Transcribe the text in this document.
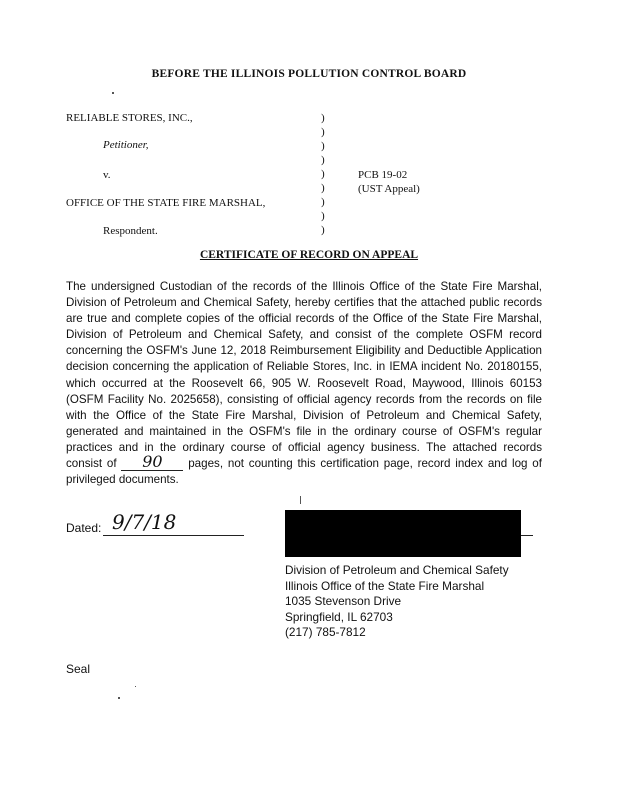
BEFORE THE ILLINOIS POLLUTION CONTROL BOARD
RELIABLE STORES, INC.,
Petitioner,
v.
OFFICE OF THE STATE FIRE MARSHAL,
Respondent.
)
)
)
)
)
)
)
)
)
PCB 19-02
(UST Appeal)
CERTIFICATE OF RECORD ON APPEAL
The undersigned Custodian of the records of the Illinois Office of the State Fire Marshal, Division of Petroleum and Chemical Safety, hereby certifies that the attached public records are true and complete copies of the official records of the Office of the State Fire Marshal, Division of Petroleum and Chemical Safety, and consist of the complete OSFM record concerning the OSFM's June 12, 2018 Reimbursement Eligibility and Deductible Application decision concerning the application of Reliable Stores, Inc. in IEMA incident No. 20180155, which occurred at the Roosevelt 66, 905 W. Roosevelt Road, Maywood, Illinois 60153 (OSFM Facility No. 2025658), consisting of official agency records from the records on file with the Office of the State Fire Marshal, Division of Petroleum and Chemical Safety, generated and maintained in the OSFM's file in the ordinary course of OSFM's regular practices and in the ordinary course of official agency business. The attached records consist of 90 pages, not counting this certification page, record index and log of privileged documents.
Dated: 9/7/18
Division of Petroleum and Chemical Safety
Illinois Office of the State Fire Marshal
1035 Stevenson Drive
Springfield, IL 62703
(217) 785-7812
Seal
